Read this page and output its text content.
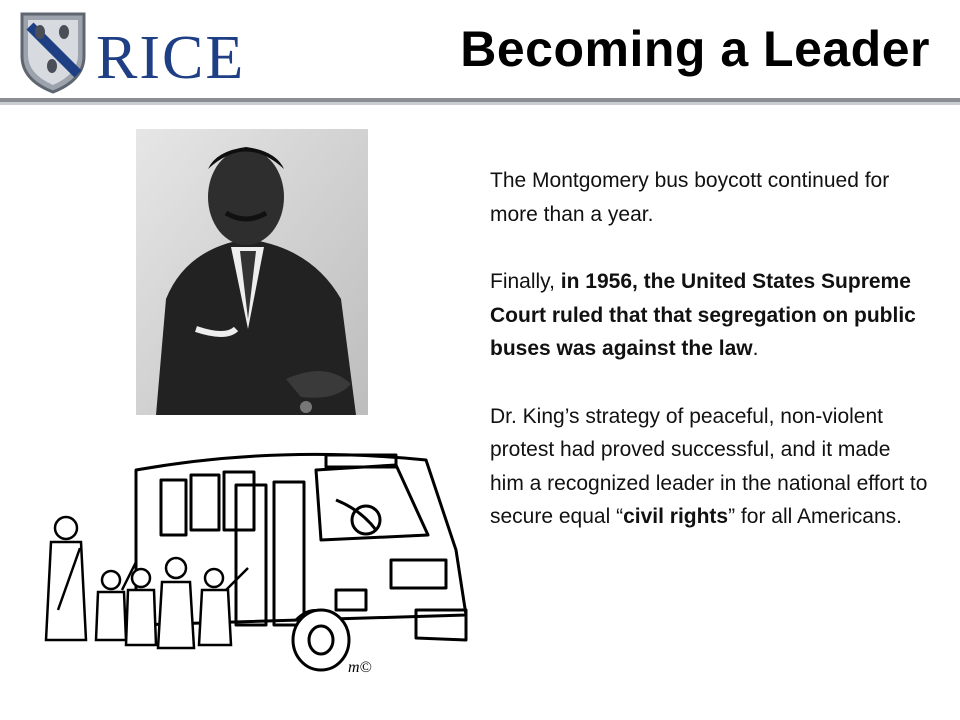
RICE	Becoming a Leader
m©

The Montgomery bus boycott continued for more than a year.

Finally, in 1956, the United States Supreme Court ruled that that segregation on public buses was against the law.

Dr. King’s strategy of peaceful, non-violent protest had proved successful, and it made him a recognized leader in the national effort to secure equal “civil rights” for all Americans.
